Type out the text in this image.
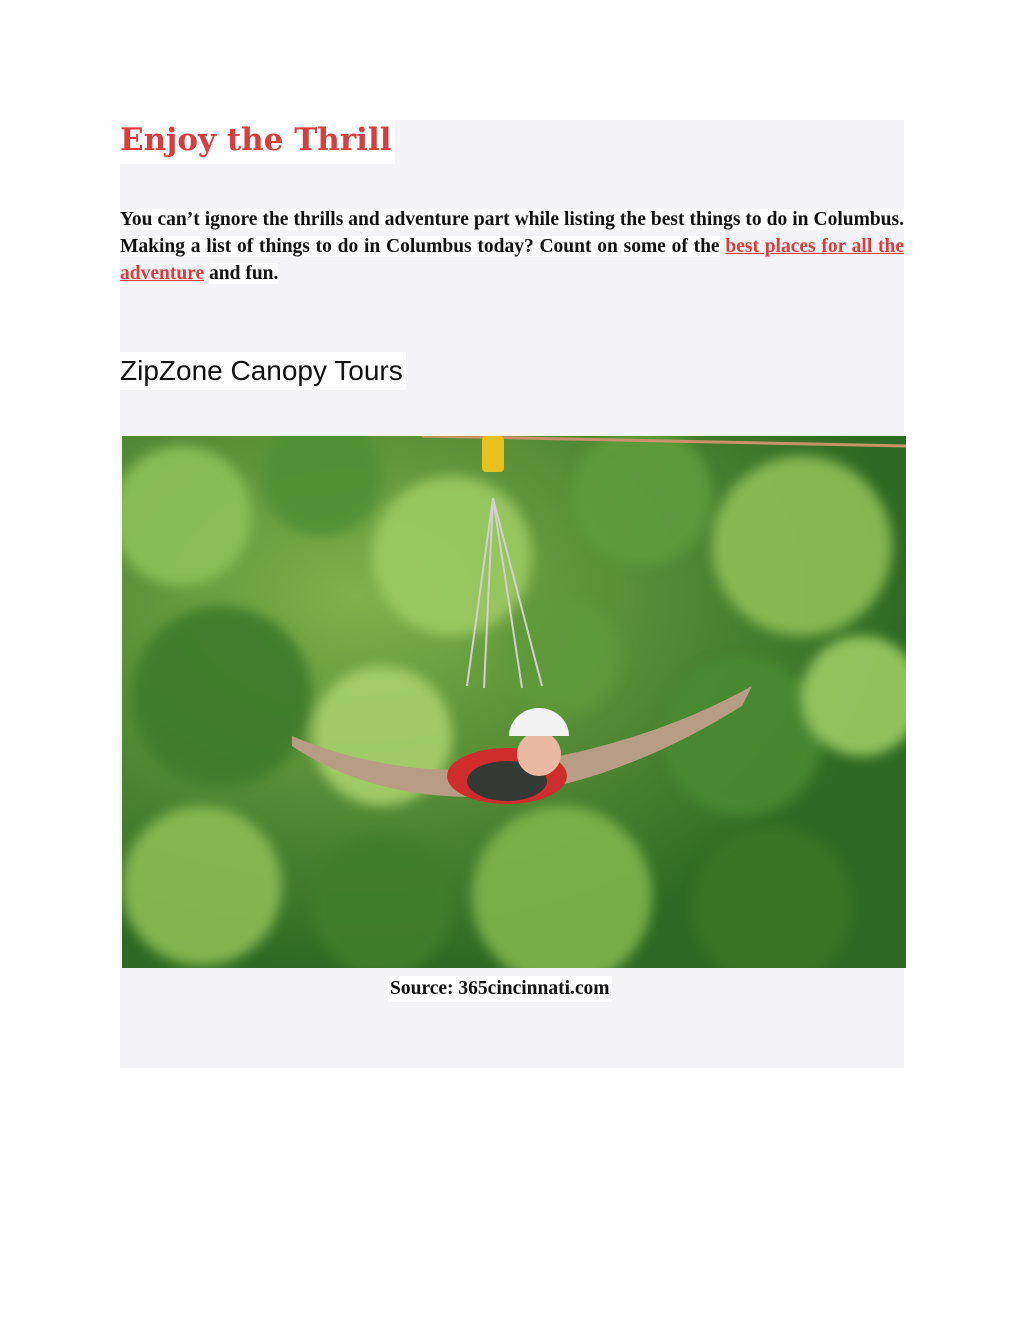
Enjoy the Thrill

You can’t ignore the thrills and adventure part while listing the best things to do in Columbus. Making a list of things to do in Columbus today? Count on some of the best places for all the adventure and fun.

ZipZone Canopy Tours

Source: 365cincinnati.com
